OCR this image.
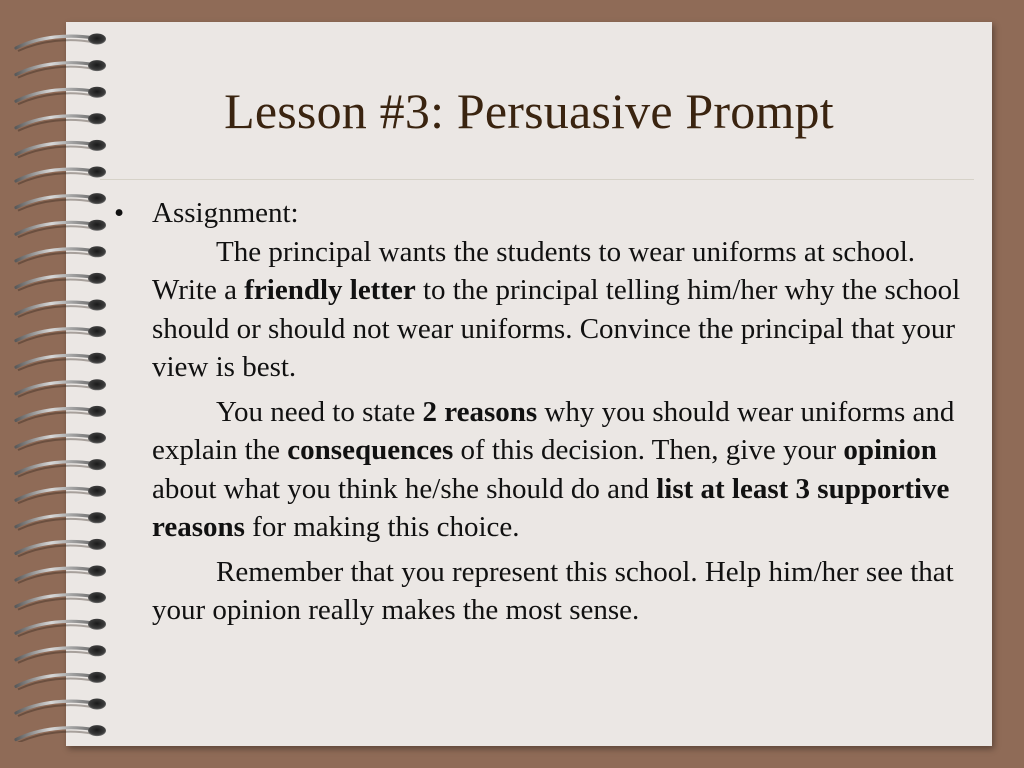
Lesson #3: Persuasive Prompt
• Assignment:

The principal wants the students to wear uniforms at school. Write a friendly letter to the principal telling him/her why the school should or should not wear uniforms. Convince the principal that your view is best.

You need to state 2 reasons why you should wear uniforms and explain the consequences of this decision. Then, give your opinion about what you think he/she should do and list at least 3 supportive reasons for making this choice.

Remember that you represent this school. Help him/her see that your opinion really makes the most sense.
